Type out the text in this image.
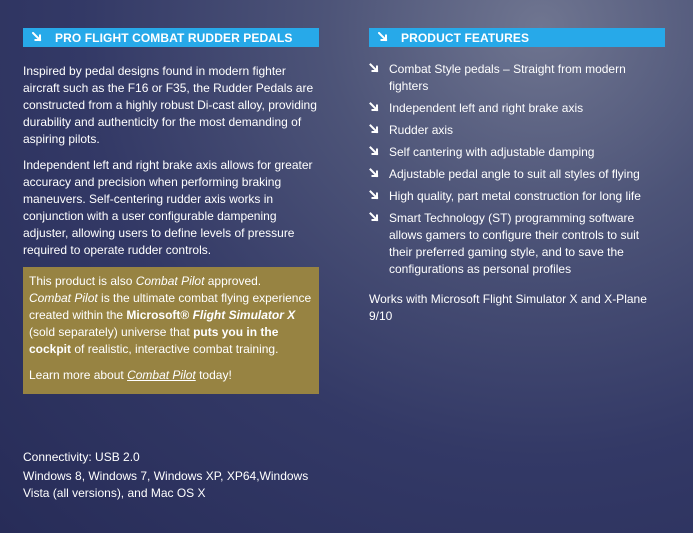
PRO FLIGHT COMBAT RUDDER PEDALS

Inspired by pedal designs found in modern fighter aircraft such as the F16 or F35, the Rudder Pedals are constructed from a highly robust Di-cast alloy, providing durability and authenticity for the most demanding of aspiring pilots.

Independent left and right brake axis allows for greater accuracy and precision when performing braking maneuvers. Self-centering rudder axis works in conjunction with a user configurable dampening adjuster, allowing users to define levels of pressure required to operate rudder controls.

This product is also Combat Pilot approved.
Combat Pilot is the ultimate combat flying experience created within the Microsoft® Flight Simulator X (sold separately) universe that puts you in the cockpit of realistic, interactive combat training.

Learn more about Combat Pilot today!

Connectivity: USB 2.0

Windows 8, Windows 7, Windows XP, XP64,Windows Vista (all versions), and Mac OS X

PRODUCT FEATURES
Combat Style pedals – Straight from modern fighters
Independent left and right brake axis
Rudder axis
Self cantering with adjustable damping
Adjustable pedal angle to suit all styles of flying
High quality, part metal construction for long life
Smart Technology (ST) programming software allows gamers to configure their controls to suit their preferred gaming style, and to save the configurations as personal profiles

Works with Microsoft Flight Simulator X and X-Plane 9/10
